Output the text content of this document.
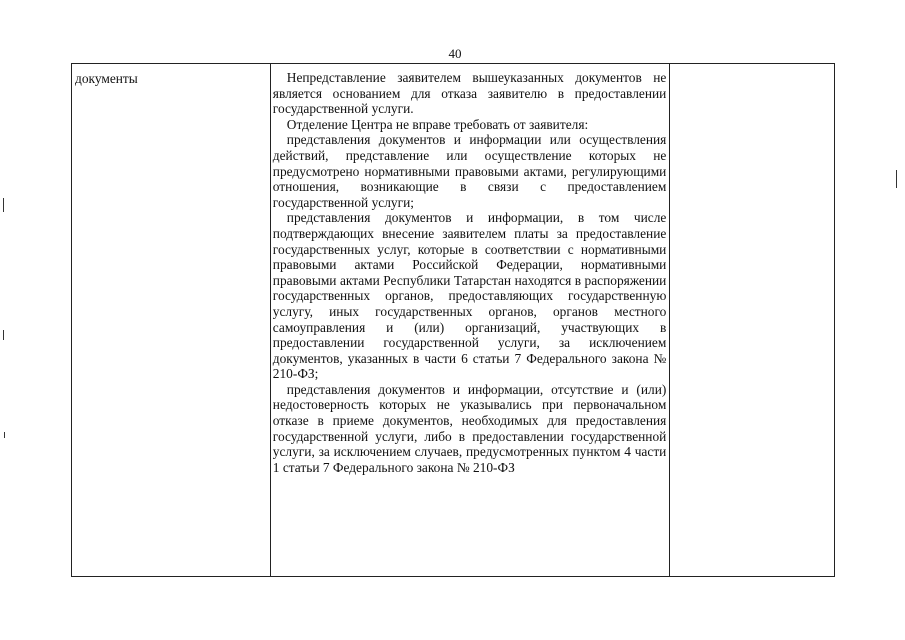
40
документы	Непредставление заявителем вышеуказанных документов не является основанием для отказа заявителю в предоставлении государственной услуги.

Отделение Центра не вправе требовать от заявителя:

представления документов и информации или осуществления действий, представление или осуществление которых не предусмотрено нормативными правовыми актами, регулирующими отношения, возникающие в связи с предоставлением государственной услуги;

представления документов и информации, в том числе подтверждающих внесение заявителем платы за предоставление государственных услуг, которые в соответствии с нормативными правовыми актами Российской Федерации, нормативными правовыми актами Республики Татарстан находятся в распоряжении государственных органов, предоставляющих государственную услугу, иных государственных органов, органов местного самоуправления и (или) организаций, участвующих в предоставлении государственной услуги, за исключением документов, указанных в части 6 статьи 7 Федерального закона № 210-ФЗ;

представления документов и информации, отсутствие и (или) недостоверность которых не указывались при первоначальном отказе в приеме документов, необходимых для предоставления государственной услуги, либо в предоставлении государственной услуги, за исключением случаев, предусмотренных пунктом 4 части 1 статьи 7 Федерального закона № 210-ФЗ
